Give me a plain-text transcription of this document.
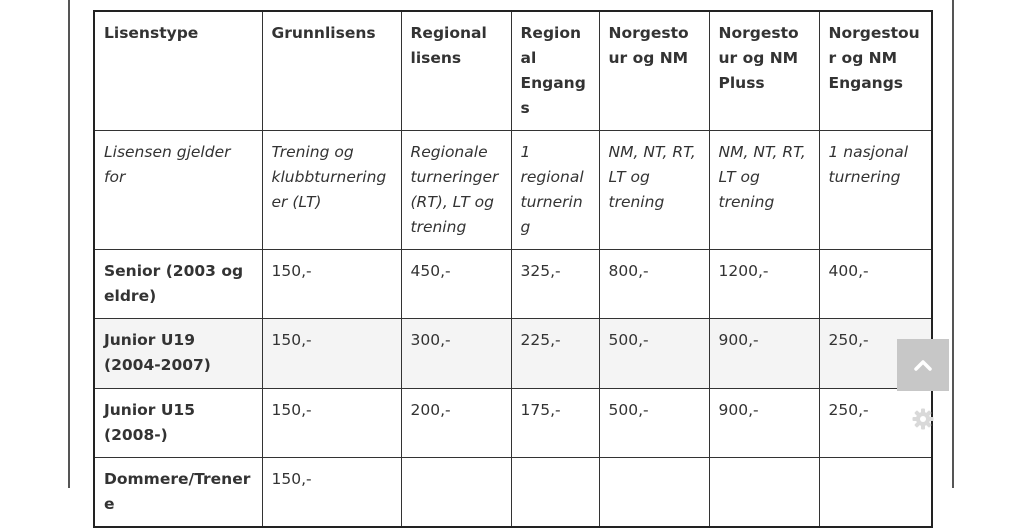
Lisenstype	Grunnlisens	Regional lisens	Regional Engangs	Norgestour og NM	Norgestour og NM Pluss	Norgestour og NM Engangs
Lisensen gjelder for	Trening og klubbturneringer (LT)	Regionale turneringer (RT), LT og trening	1 regional turnering	NM, NT, RT, LT og trening	NM, NT, RT, LT og trening	1 nasjonal turnering
Senior (2003 og eldre)	150,-	450,-	325,-	800,-	1200,-	400,-
Junior U19 (2004-2007)	150,-	300,-	225,-	500,-	900,-	250,-
Junior U15 (2008-)	150,-	200,-	175,-	500,-	900,-	250,-
Dommere/Trenere	150,-					
